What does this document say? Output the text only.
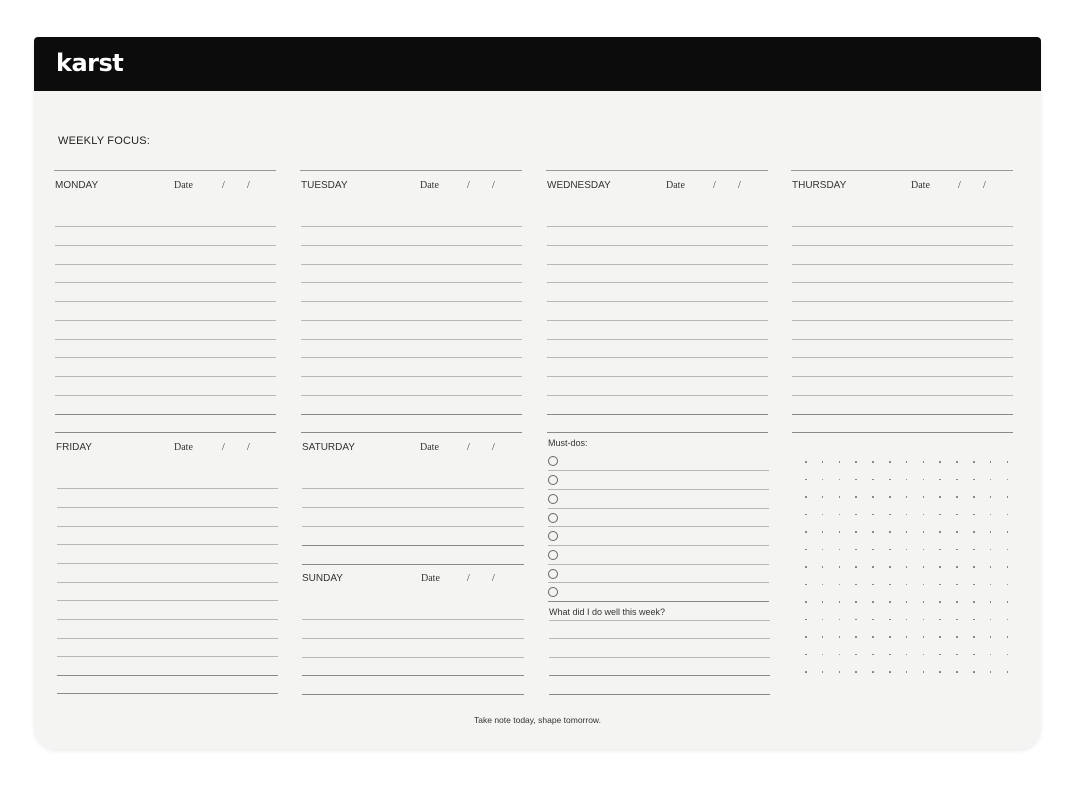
karst
WEEKLY FOCUS:
MONDAY	Date	/ /	TUESDAY	Date	/ /	WEDNESDAY	Date	/ /	THURSDAY	Date	/ /
FRIDAY	Date	/ /	SATURDAY	Date	/ /
SUNDAY	Date	/ /
Must-dos:
What did I do well this week?
Take note today, shape tomorrow.
